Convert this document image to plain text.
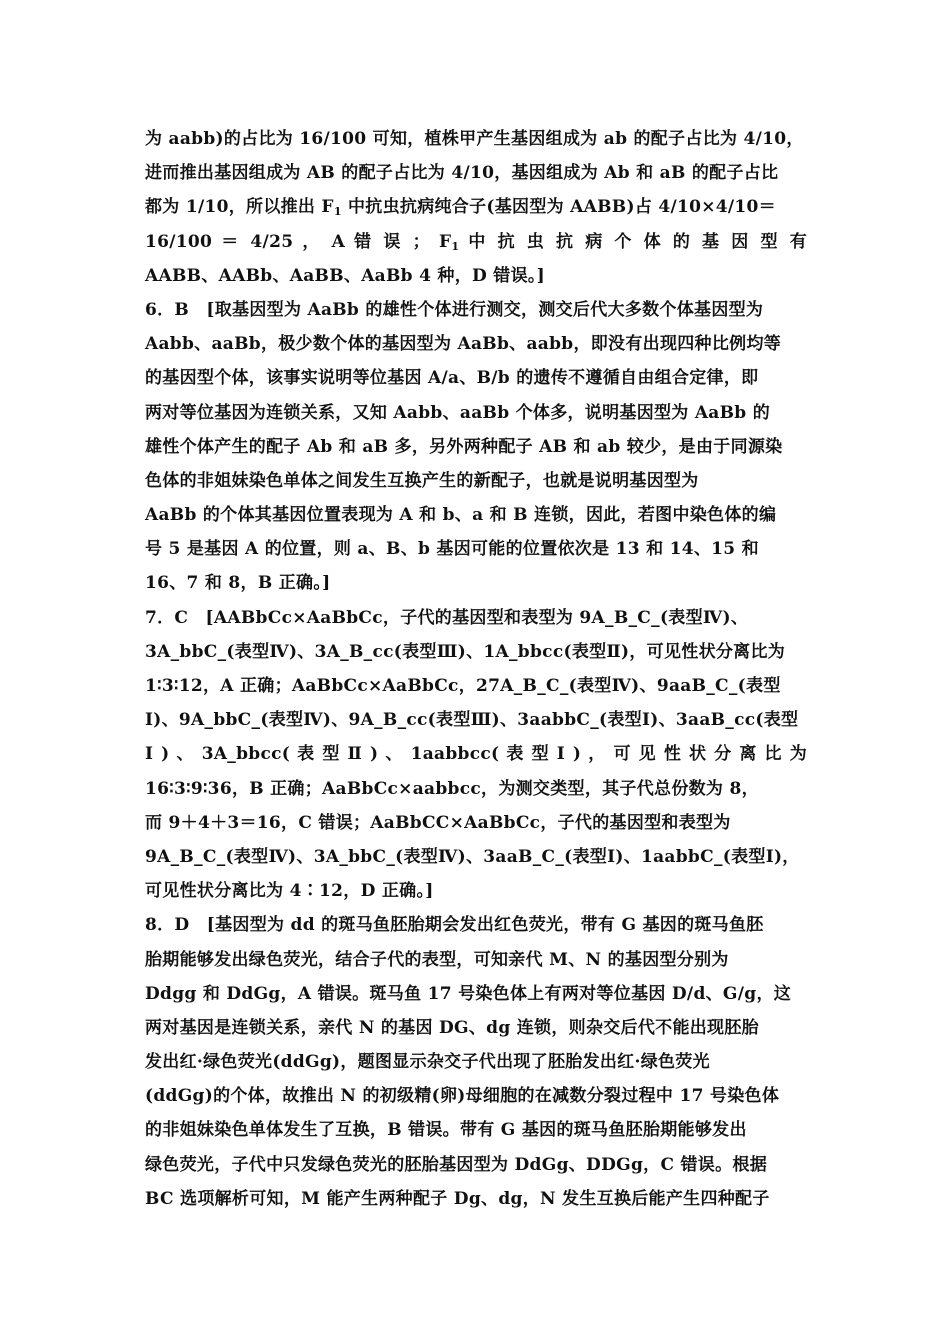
为 aabb)的占比为 16/100 可知，植株甲产生基因组成为 ab 的配子占比为 4/10，
进而推出基因组成为 AB 的配子占比为 4/10，基因组成为 Ab 和 aB 的配子占比
都为 1/10，所以推出 $F_1$ 中抗虫抗病纯合子(基因型为 AABB)占 4/10×4/10＝
16/100 ＝ 4/25 ， A 错 误 ； $F_1$ 中 抗 虫 抗 病 个 体 的 基 因 型 有
AABB、AABb、AaBB、AaBb 4 种，D 错误。]
6．B　[取基因型为 AaBb 的雄性个体进行测交，测交后代大多数个体基因型为
Aabb、aaBb，极少数个体的基因型为 AaBb、aabb，即没有出现四种比例均等
的基因型个体，该事实说明等位基因 A/a、B/b 的遗传不遵循自由组合定律，即
两对等位基因为连锁关系，又知 Aabb、aaBb 个体多，说明基因型为 AaBb 的
雄性个体产生的配子 Ab 和 aB 多，另外两种配子 AB 和 ab 较少，是由于同源染
色体的非姐妹染色单体之间发生互换产生的新配子，也就是说明基因型为
AaBb 的个体其基因位置表现为 A 和 b、a 和 B 连锁，因此，若图中染色体的编
号 5 是基因 A 的位置，则 a、B、b 基因可能的位置依次是 13 和 14、15 和
16、7 和 8，B 正确。]
7．C　[AABbCc×AaBbCc，子代的基因型和表型为 9A_B_C_(表型Ⅳ)、
3A_bbC_(表型Ⅳ)、3A_B_cc(表型Ⅲ)、1A_bbcc(表型Ⅱ)，可见性状分离比为
1∶3∶12，A 正确；AaBbCc×AaBbCc，27A_B_C_(表型Ⅳ)、9aaB_C_(表型
Ⅰ)、9A_bbC_(表型Ⅳ)、9A_B_cc(表型Ⅲ)、3aabbC_(表型Ⅰ)、3aaB_cc(表型
Ⅰ ) 、 3A_bbcc( 表 型 Ⅱ ) 、 1aabbcc( 表 型 Ⅰ ) ， 可 见 性 状 分 离 比 为
16∶3∶9∶36，B 正确；AaBbCc×aabbcc，为测交类型，其子代总份数为 8，
而 9＋4＋3＝16，C 错误；AaBbCC×AaBbCc，子代的基因型和表型为
9A_B_C_(表型Ⅳ)、3A_bbC_(表型Ⅳ)、3aaB_C_(表型Ⅰ)、1aabbC_(表型Ⅰ)，
可见性状分离比为 4∶12，D 正确。]
8．D　[基因型为 dd 的斑马鱼胚胎期会发出红色荧光，带有 G 基因的斑马鱼胚
胎期能够发出绿色荧光，结合子代的表型，可知亲代 M、N 的基因型分别为
Ddgg 和 DdGg，A 错误。斑马鱼 17 号染色体上有两对等位基因 D/d、G/g，这
两对基因是连锁关系，亲代 N 的基因 DG、dg 连锁，则杂交后代不能出现胚胎
发出红·绿色荧光(ddGg)，题图显示杂交子代出现了胚胎发出红·绿色荧光
(ddGg)的个体，故推出 N 的初级精(卵)母细胞的在减数分裂过程中 17 号染色体
的非姐妹染色单体发生了互换，B 错误。带有 G 基因的斑马鱼胚胎期能够发出
绿色荧光，子代中只发绿色荧光的胚胎基因型为 DdGg、DDGg，C 错误。根据
BC 选项解析可知，M 能产生两种配子 Dg、dg，N 发生互换后能产生四种配子
